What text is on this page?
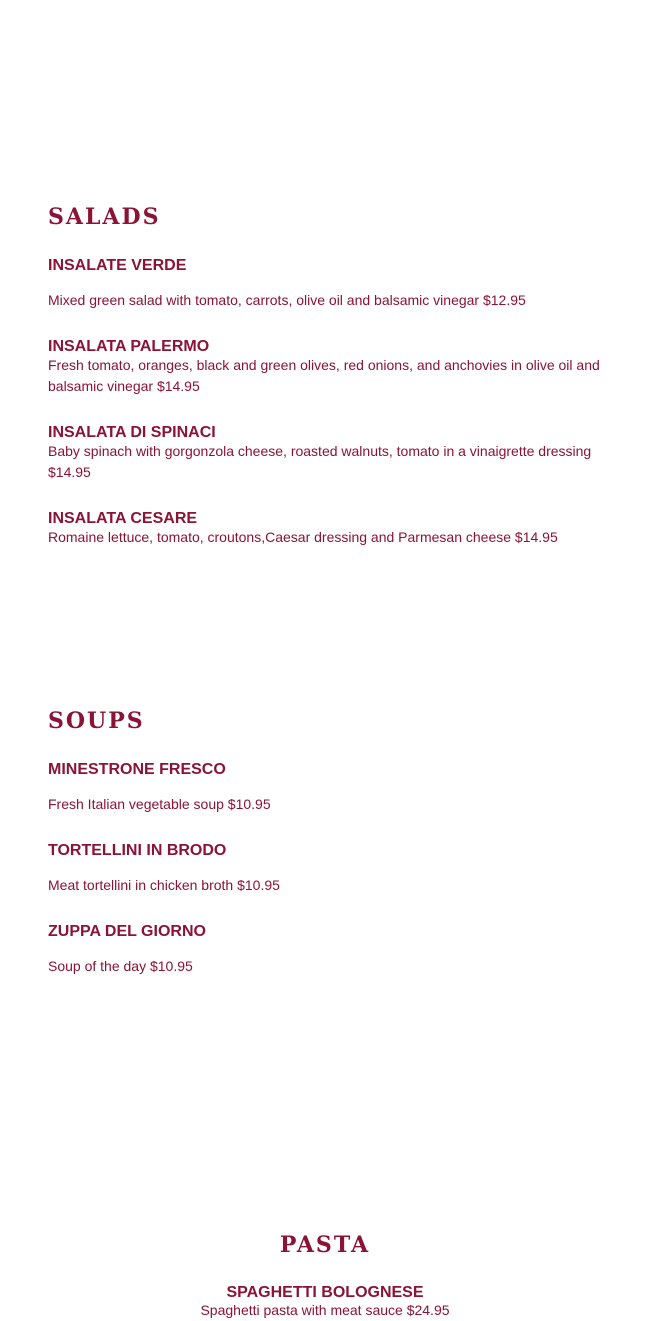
SALADS
INSALATE VERDE
Mixed green salad with tomato, carrots, olive oil and balsamic vinegar $12.95
INSALATA PALERMO
Fresh tomato, oranges, black and green olives, red onions, and anchovies in olive oil and balsamic vinegar $14.95
INSALATA DI SPINACI
Baby spinach with gorgonzola cheese, roasted walnuts, tomato in a vinaigrette dressing $14.95
INSALATA CESARE
Romaine lettuce, tomato, croutons,Caesar dressing and Parmesan cheese $14.95
SOUPS
MINESTRONE FRESCO
Fresh Italian vegetable soup $10.95
TORTELLINI IN BRODO
Meat tortellini in chicken broth $10.95
ZUPPA DEL GIORNO
Soup of the day $10.95
PASTA
SPAGHETTI BOLOGNESE
Spaghetti pasta with meat sauce $24.95
